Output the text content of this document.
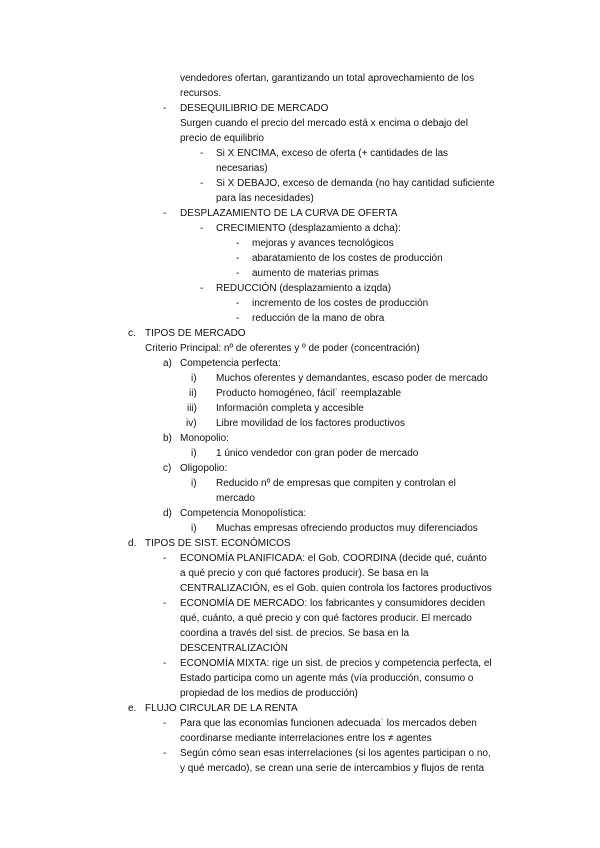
vendedores ofertan, garantizando un total aprovechamiento de los
recursos.
- DESEQUILIBRIO DE MERCADO
Surgen cuando el precio del mercado está x encima o debajo del
precio de equilibrio
- Si X ENCIMA, exceso de oferta (+ cantidades de las
necesarias)
- Si X DEBAJO, exceso de demanda (no hay cantidad suficiente
para las necesidades)
- DESPLAZAMIENTO DE LA CURVA DE OFERTA
- CRECIMIENTO (desplazamiento a dcha):
- mejoras y avances tecnológicos
- abaratamiento de los costes de producción
- aumento de materias primas
- REDUCCIÓN (desplazamiento a izqda)
- incremento de los costes de producción
- reducción de la mano de obra
c. TIPOS DE MERCADO
Criterio Principal: nº de oferentes y º de poder (concentración)
a) Competencia perfecta:
i) Muchos oferentes y demandantes, escaso poder de mercado
ii) Producto homogéneo, fácil˙ reemplazable
iii) Información completa y accesible
iv) Libre movilidad de los factores productivos
b) Monopolio:
i) 1 único vendedor con gran poder de mercado
c) Oligopolio:
i) Reducido nº de empresas que compiten y controlan el
mercado
d) Competencia Monopolística:
i) Muchas empresas ofreciendo productos muy diferenciados
d. TIPOS DE SIST. ECONÓMICOS
- ECONOMÍA PLANIFICADA: el Gob. COORDINA (decide qué, cuánto
a qué precio y con qué factores producir). Se basa en la
CENTRALIZACIÓN, es el Gob. quien controla los factores productivos
- ECONOMÍA DE MERCADO: los fabricantes y consumidores deciden
qué, cuánto, a qué precio y con qué factores producir. El mercado
coordina a través del sist. de precios. Se basa en la
DESCENTRALIZACIÓN
- ECONOMÍA MIXTA: rige un sist. de precios y competencia perfecta, el
Estado participa como un agente más (vía producción, consumo o
propiedad de los medios de producción)
e. FLUJO CIRCULAR DE LA RENTA
- Para que las economías funcionen adecuada˙ los mercados deben
coordinarse mediante interrelaciones entre los ≠ agentes
- Según cómo sean esas interrelaciones (si los agentes participan o no,
y qué mercado), se crean una serie de intercambios y flujos de renta
